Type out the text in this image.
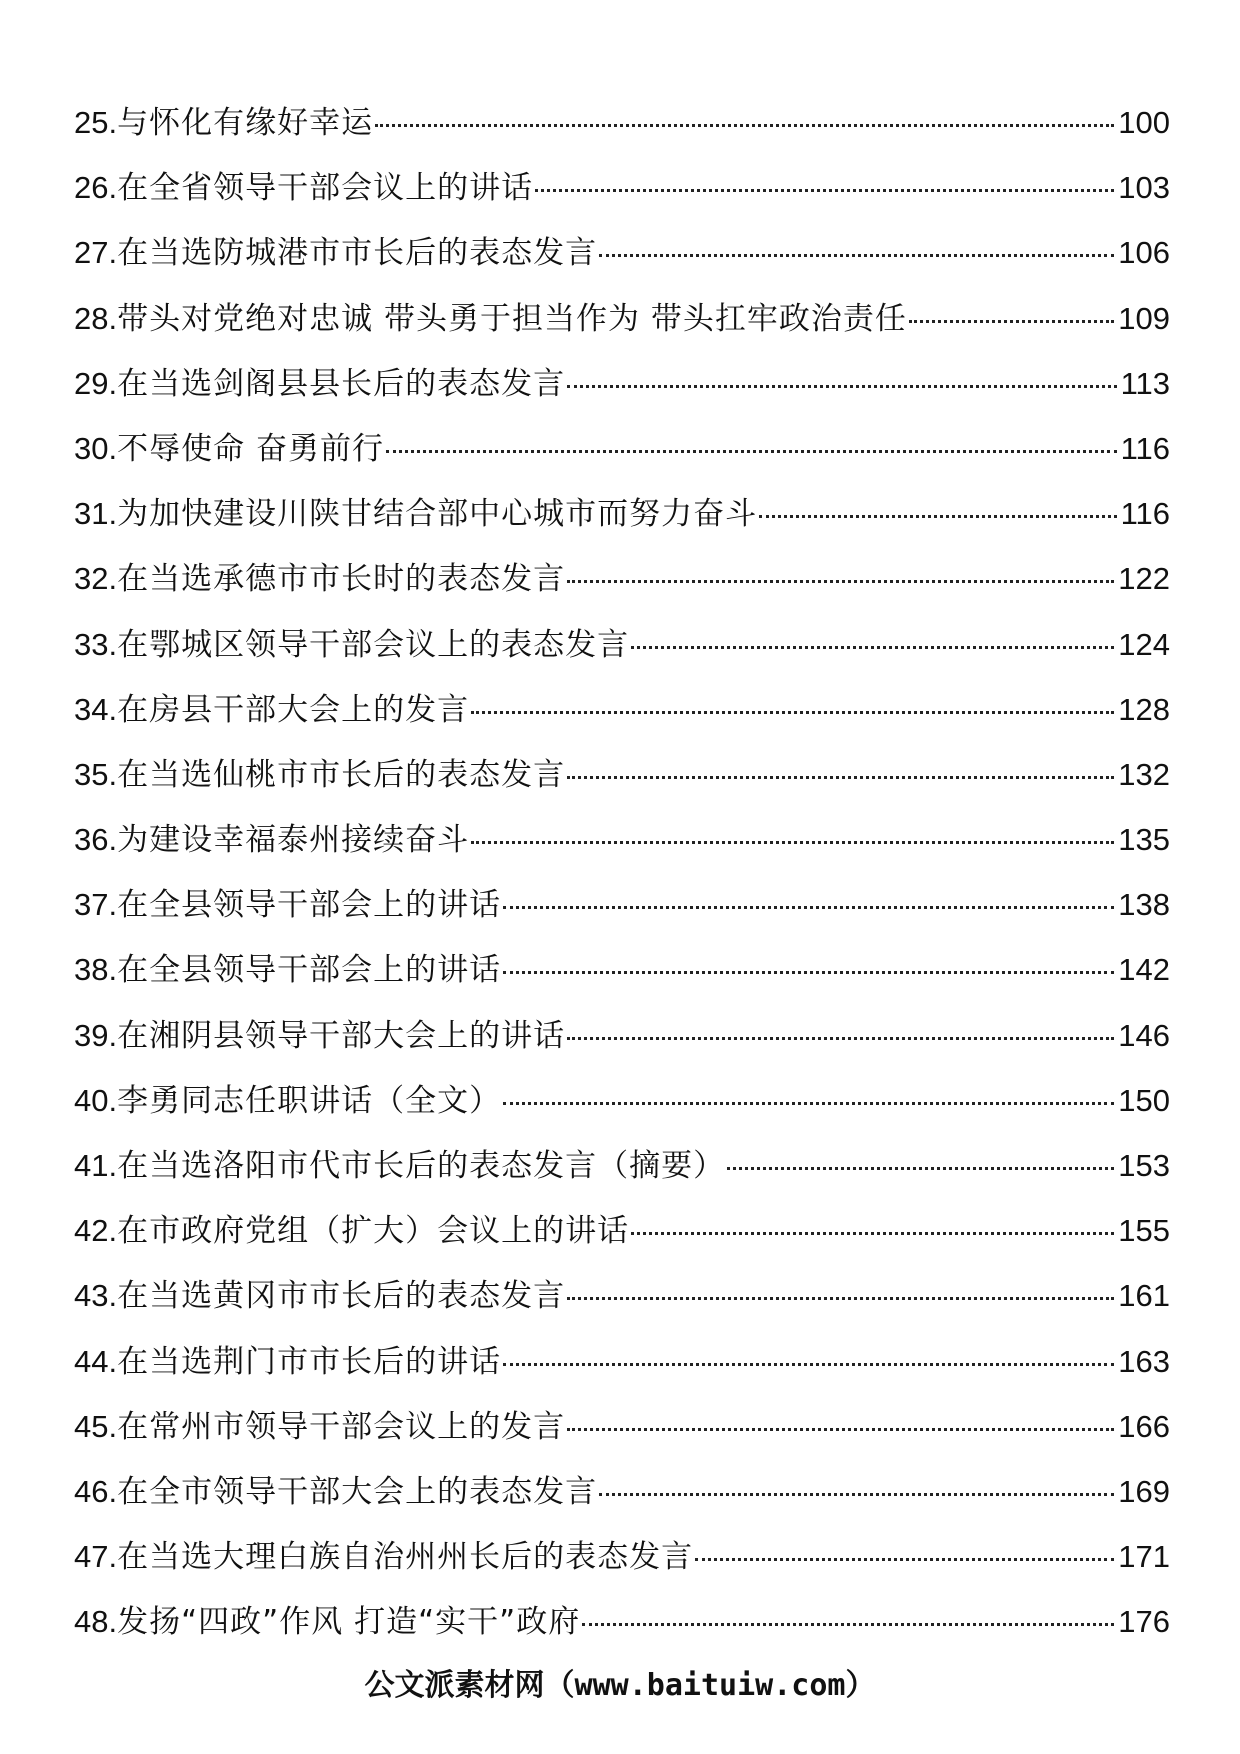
25. 与怀化有缘好幸运	100
26. 在全省领导干部会议上的讲话	103
27. 在当选防城港市市长后的表态发言	106
28. 带头对党绝对忠诚 带头勇于担当作为 带头扛牢政治责任	109
29. 在当选剑阁县县长后的表态发言	113
30. 不辱使命 奋勇前行	116
31. 为加快建设川陕甘结合部中心城市而努力奋斗	116
32. 在当选承德市市长时的表态发言	122
33. 在鄂城区领导干部会议上的表态发言	124
34. 在房县干部大会上的发言	128
35. 在当选仙桃市市长后的表态发言	132
36. 为建设幸福泰州接续奋斗	135
37. 在全县领导干部会上的讲话	138
38. 在全县领导干部会上的讲话	142
39. 在湘阴县领导干部大会上的讲话	146
40. 李勇同志任职讲话（全文）	150
41. 在当选洛阳市代市长后的表态发言（摘要）	153
42. 在市政府党组（扩大）会议上的讲话	155
43. 在当选黄冈市市长后的表态发言	161
44. 在当选荆门市市长后的讲话	163
45. 在常州市领导干部会议上的发言	166
46. 在全市领导干部大会上的表态发言	169
47. 在当选大理白族自治州州长后的表态发言	171
48. 发扬“四政”作风 打造“实干”政府	176
公文派素材网（www.baituiw.com）
